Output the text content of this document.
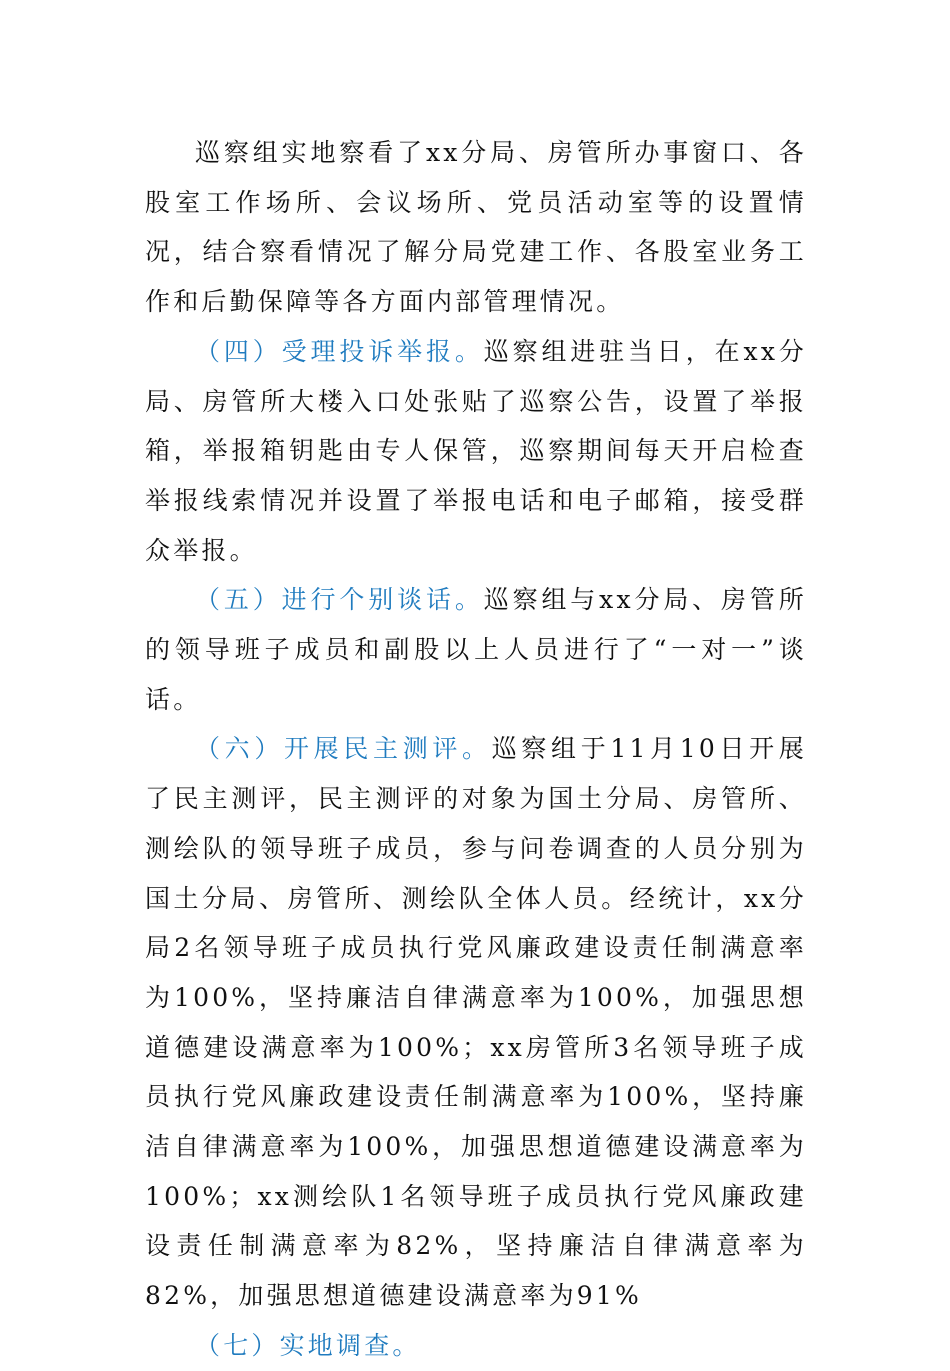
巡察组实地察看了xx分局、房管所办事窗口、各股室工作场所、会议场所、党员活动室等的设置情况，结合察看情况了解分局党建工作、各股室业务工作和后勤保障等各方面内部管理情况。

（四）受理投诉举报。巡察组进驻当日，在xx分局、房管所大楼入口处张贴了巡察公告，设置了举报箱，举报箱钥匙由专人保管，巡察期间每天开启检查举报线索情况并设置了举报电话和电子邮箱，接受群众举报。

（五）进行个别谈话。巡察组与xx分局、房管所的领导班子成员和副股以上人员进行了“一对一”谈话。

（六）开展民主测评。巡察组于11月10日开展了民主测评，民主测评的对象为国土分局、房管所、测绘队的领导班子成员，参与问卷调查的人员分别为国土分局、房管所、测绘队全体人员。经统计，xx分局2名领导班子成员执行党风廉政建设责任制满意率为100%，坚持廉洁自律满意率为100%，加强思想道德建设满意率为100%；xx房管所3名领导班子成员执行党风廉政建设责任制满意率为100%，坚持廉洁自律满意率为100%，加强思想道德建设满意率为100%；xx测绘队1名领导班子成员执行党风廉政建设责任制满意率为82%，坚持廉洁自律满意率为82%，加强思想道德建设满意率为91%

（七）实地调查。
